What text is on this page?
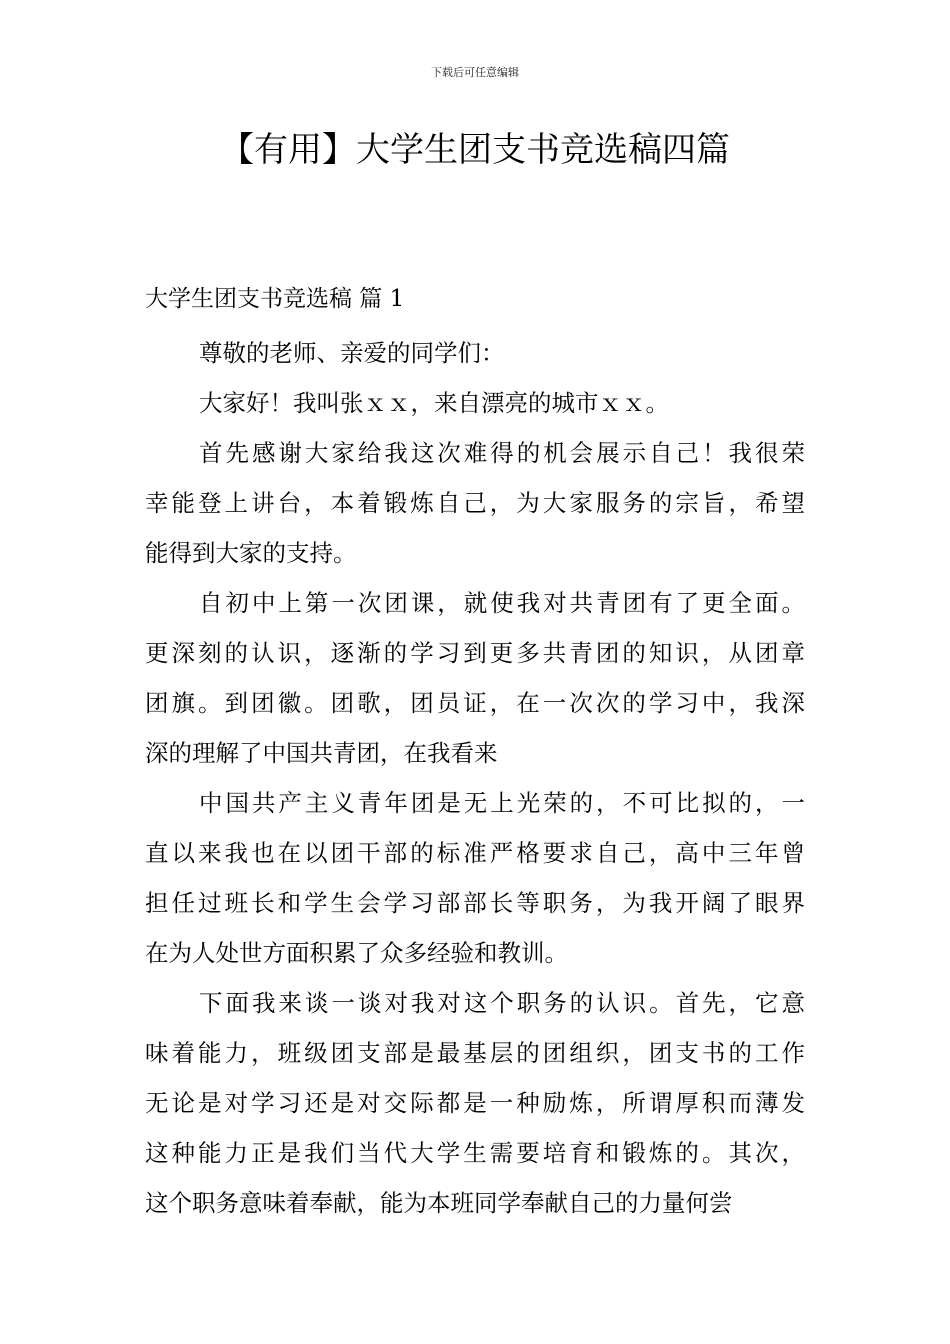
下载后可任意编辑
【有用】大学生团支书竞选稿四篇
大学生团支书竞选稿 篇 1
尊敬的老师、亲爱的同学们：
大家好！我叫张ｘｘ，来自漂亮的城市ｘｘ。
首先感谢大家给我这次难得的机会展示自己！我很荣
幸能登上讲台，本着锻炼自己，为大家服务的宗旨，希望
能得到大家的支持。
自初中上第一次团课，就使我对共青团有了更全面。
更深刻的认识，逐渐的学习到更多共青团的知识，从团章
团旗。到团徽。团歌，团员证，在一次次的学习中，我深
深的理解了中国共青团，在我看来
中国共产主义青年团是无上光荣的，不可比拟的，一
直以来我也在以团干部的标准严格要求自己，高中三年曾
担任过班长和学生会学习部部长等职务，为我开阔了眼界
在为人处世方面积累了众多经验和教训。
下面我来谈一谈对我对这个职务的认识。首先，它意
味着能力，班级团支部是最基层的团组织，团支书的工作
无论是对学习还是对交际都是一种励炼，所谓厚积而薄发
这种能力正是我们当代大学生需要培育和锻炼的。其次，
这个职务意味着奉献，能为本班同学奉献自己的力量何尝
